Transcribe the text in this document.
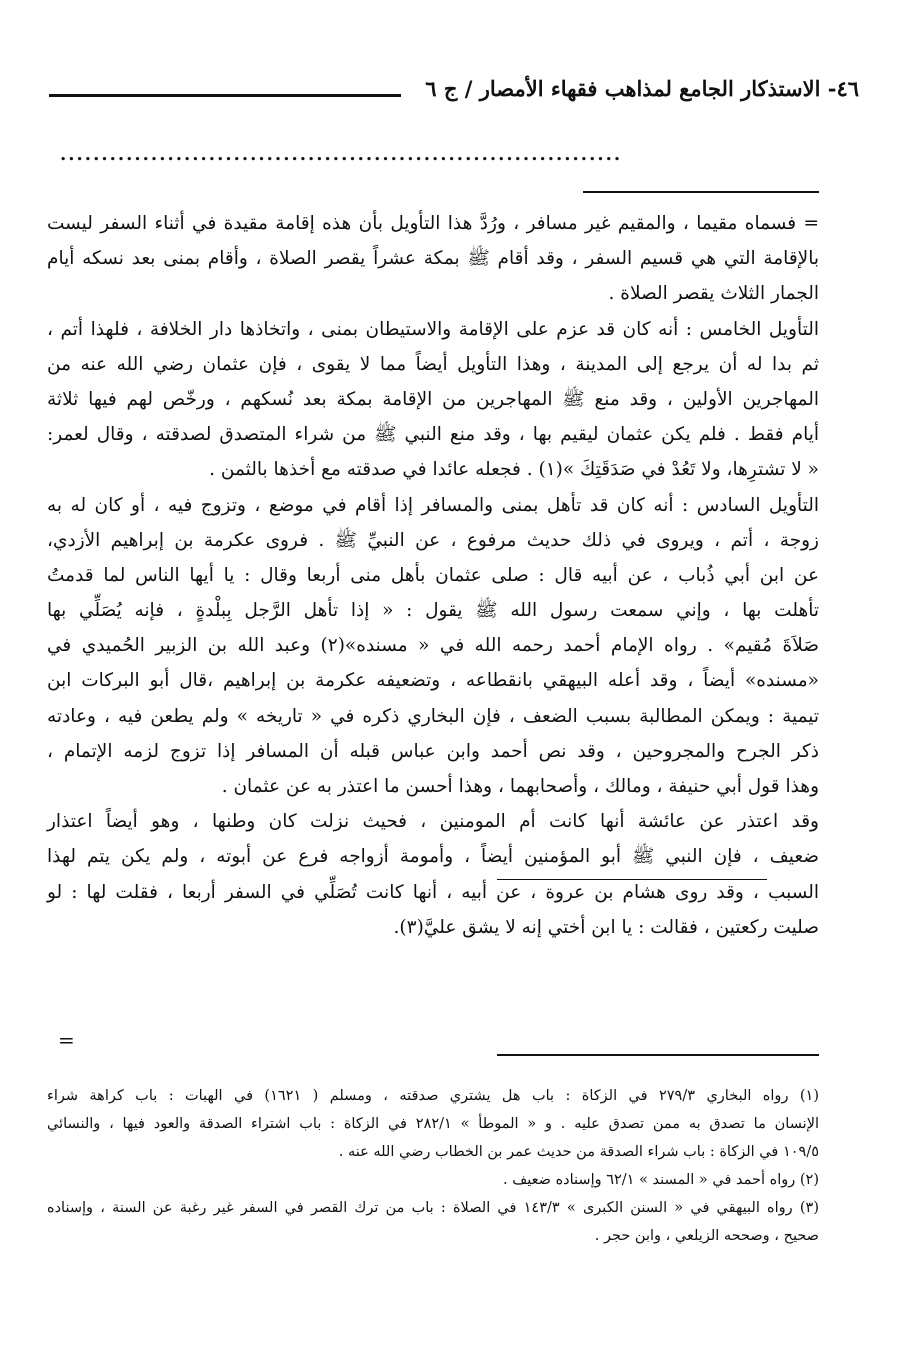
٤٦- الاستذكار الجامع لمذاهب فقهاء الأمصار / ج ٦
....................................................................
= فسماه مقيما ، والمقيم غير مسافر ، ورُدَّ هذا التأويل بأن هذه إقامة مقيدة في أثناء السفر ليست
بالإقامة التي هي قسيم السفر ، وقد أقام ﷺ بمكة عشراً يقصر الصلاة ، وأقام بمنى بعد نسكه أيام
الجمار الثلاث يقصر الصلاة .
التأويل الخامس : أنه كان قد عزم على الإقامة والاستيطان بمنى ، واتخاذها دار الخلافة ، فلهذا أتم ،
ثم بدا له أن يرجع إلى المدينة ، وهذا التأويل أيضاً مما لا يقوى ، فإن عثمان رضي الله عنه من
المهاجرين الأولين ، وقد منع ﷺ المهاجرين من الإقامة بمكة بعد نُسكهم ، ورخّص لهم فيها ثلاثة
أيام فقط . فلم يكن عثمان ليقيم بها ، وقد منع النبي ﷺ من شراء المتصدق لصدقته ، وقال لعمر:
« لا تشترِها، ولا تَعُدْ في صَدَقَتِكَ »(١) . فجعله عائدا في صدقته مع أخذها بالثمن .
التأويل السادس : أنه كان قد تأهل بمنى والمسافر إذا أقام في موضع ، وتزوج فيه ، أو كان له به
زوجة ، أتم ، ويروى في ذلك حديث مرفوع ، عن النبيِّ ﷺ . فروى عكرمة بن إبراهيم الأزدي،
عن ابن أبي ذُباب ، عن أبيه قال : صلى عثمان بأهل منى أربعا وقال : يا أيها الناس لما قدمتُ
تأهلت بها ، وإني سمعت رسول الله ﷺ يقول : « إذا تأهل الرَّجل بِبلْدةٍ ، فإنه يُصَلِّي بها
صَلاَةَ مُقيم» . رواه الإمام أحمد رحمه الله في « مسنده»(٢) وعبد الله بن الزبير الحُميدي في
«مسنده» أيضاً ، وقد أعله البيهقي بانقطاعه ، وتضعيفه عكرمة بن إبراهيم ،قال أبو البركات ابن
تيمية : ويمكن المطالبة بسبب الضعف ، فإن البخاري ذكره في « تاريخه » ولم يطعن فيه ، وعادته
ذكر الجرح والمجروحين ، وقد نص أحمد وابن عباس قبله أن المسافر إذا تزوج لزمه الإتمام ،
وهذا قول أبي حنيفة ، ومالك ، وأصحابهما ، وهذا أحسن ما اعتذر به عن عثمان .
وقد اعتذر عن عائشة أنها كانت أم المومنين ، فحيث نزلت كان وطنها ، وهو أيضاً اعتذار
ضعيف ، فإن النبي ﷺ أبو المؤمنين أيضاً ، وأمومة أزواجه فرع عن أبوته ، ولم يكن يتم لهذا
السبب ، وقد روى هشام بن عروة ، عن أبيه ، أنها كانت تُصَلِّي في السفر أربعا ، فقلت لها : لو
صليت ركعتين ، فقالت : يا ابن أختي إنه لا يشق عليَّ(٣).
=
(١) رواه البخاري ٢٧٩/٣ في الزكاة : باب هل يشتري صدقته ، ومسلم ( ١٦٢١) في الهبات : باب كراهة شراء
الإنسان ما تصدق به ممن تصدق عليه . و « الموطأ » ٢٨٢/١ في الزكاة : باب اشتراء الصدقة والعود فيها ، والنسائي
١٠٩/٥ في الزكاة : باب شراء الصدقة من حديث عمر بن الخطاب رضي الله عنه .
(٢) رواه أحمد في « المسند » ٦٢/١ وإسناده ضعيف .
(٣) رواه البيهقي في « السنن الكبرى » ١٤٣/٣ في الصلاة : باب من ترك القصر في السفر غير رغبة عن السنة ، وإسناده
صحيح ، وصححه الزيلعي ، وابن حجر .
